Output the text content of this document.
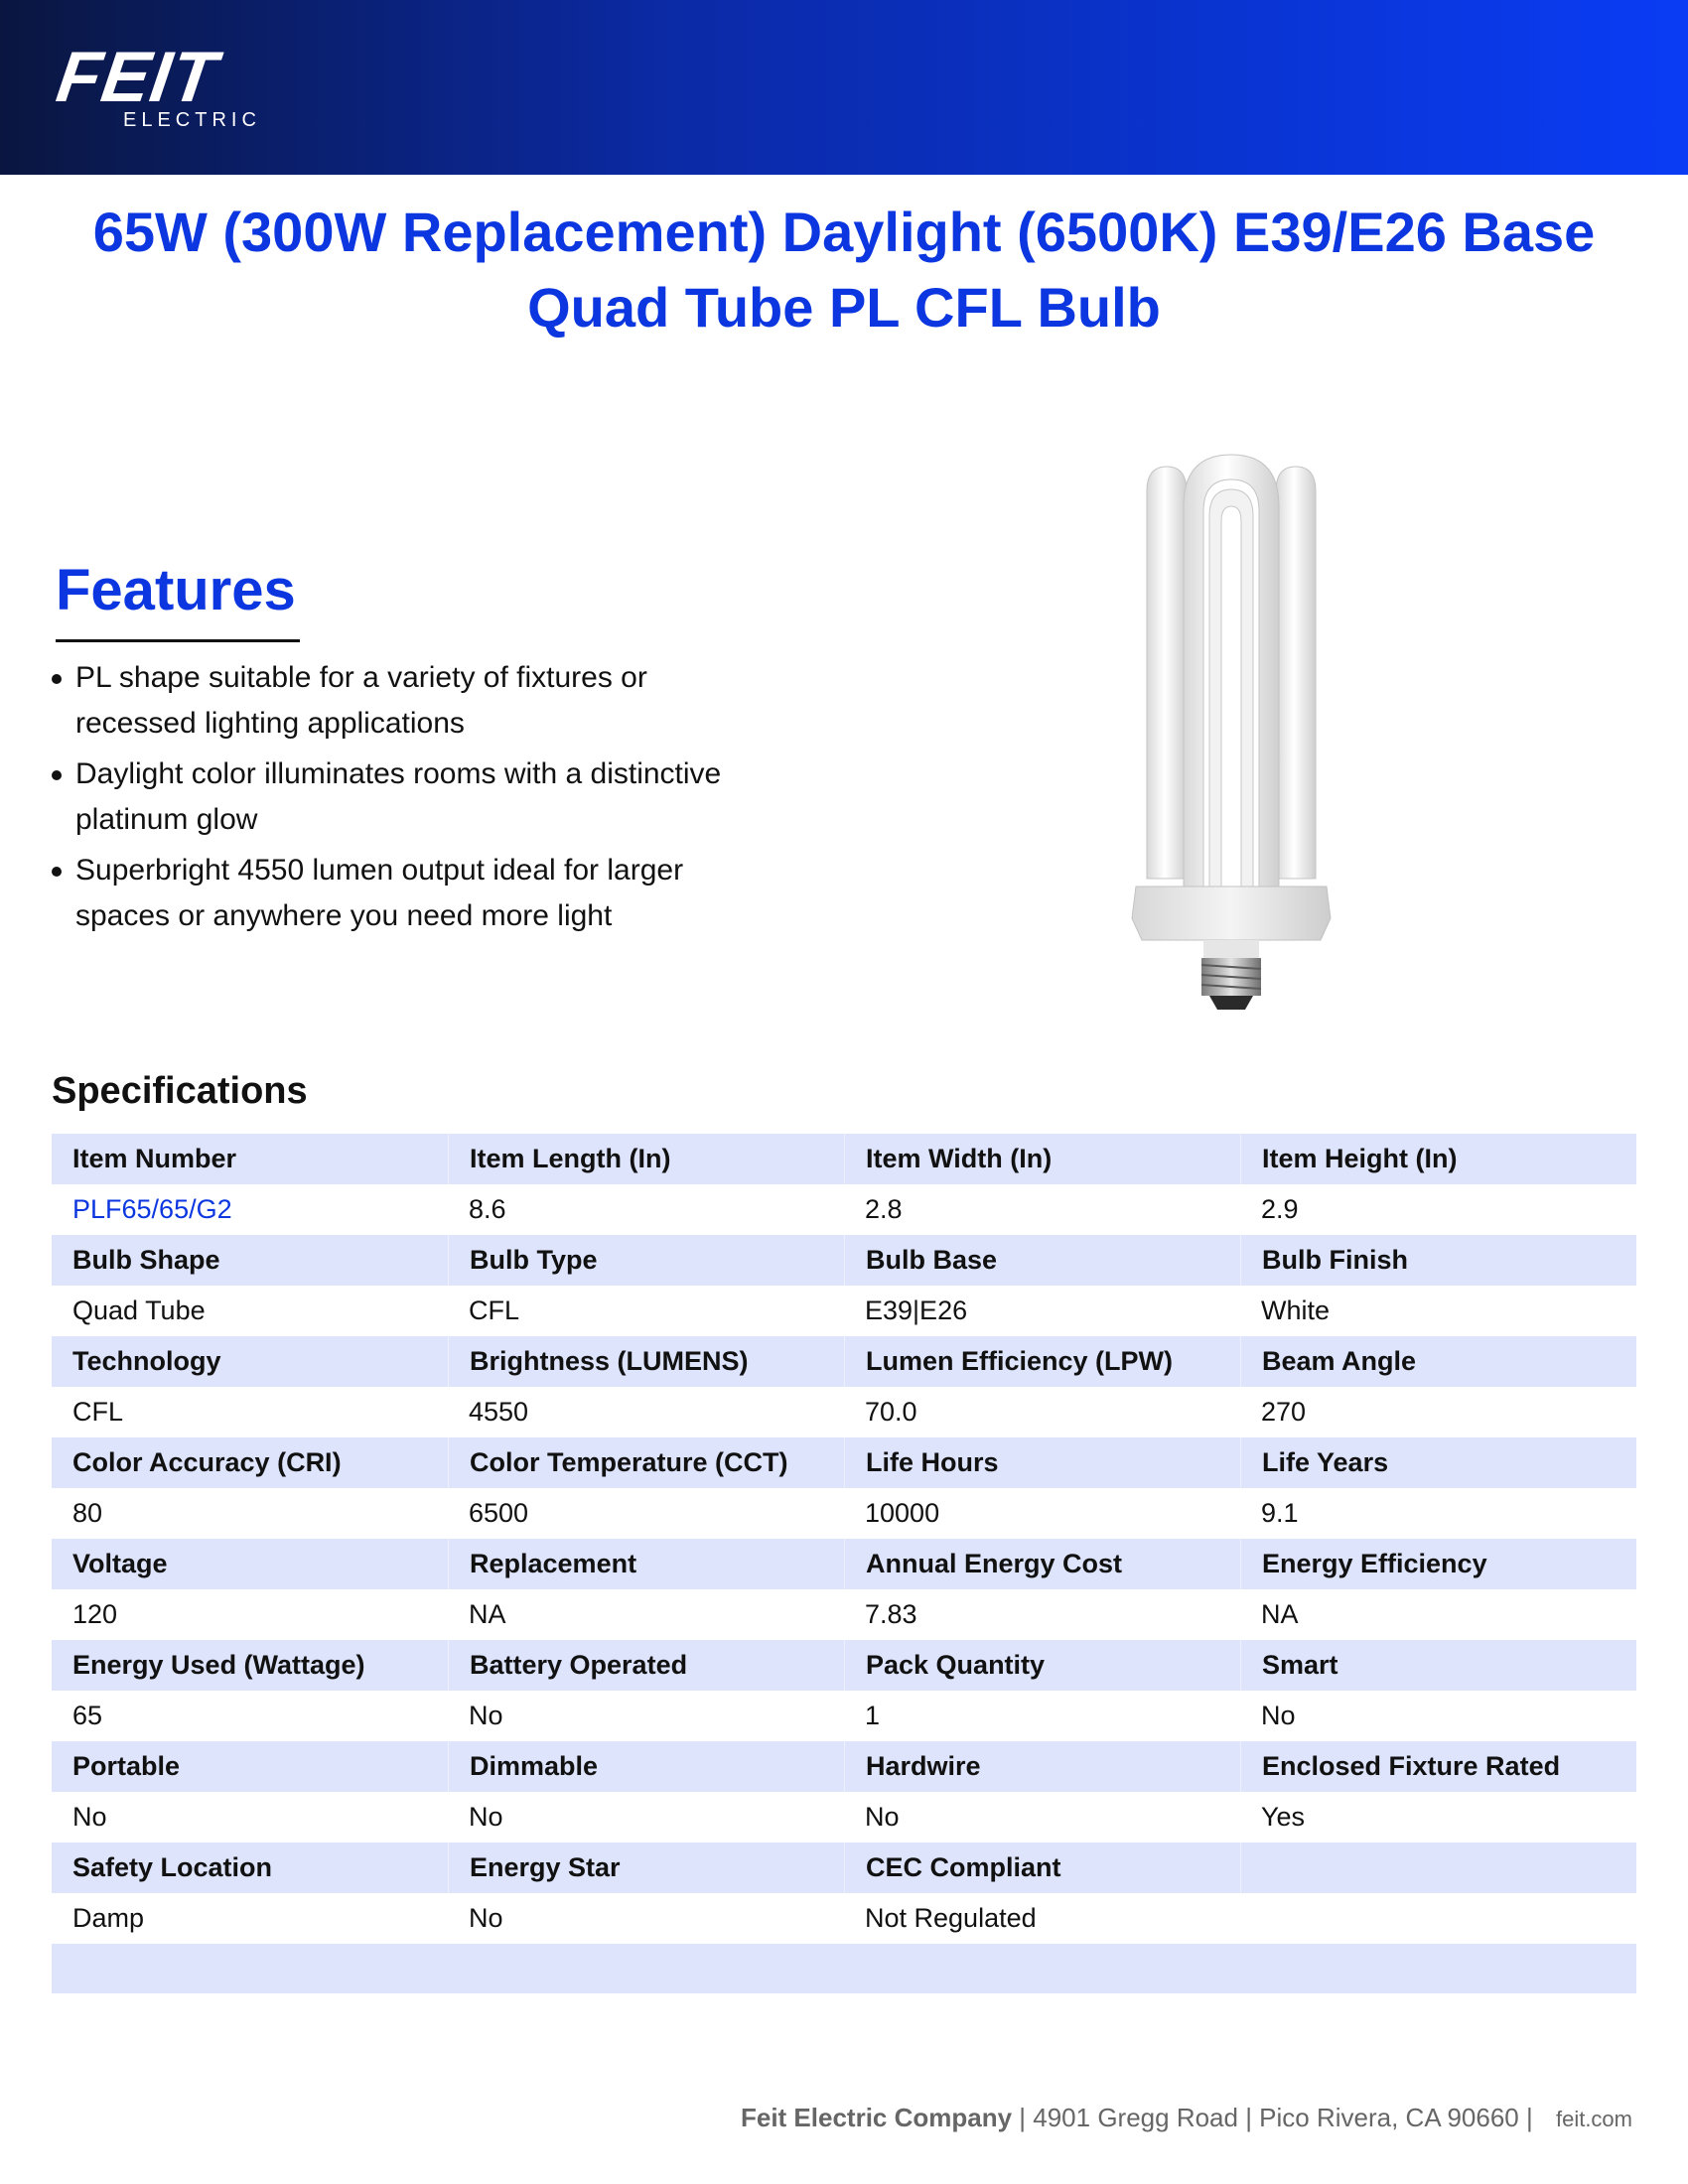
FEIT
ELECTRIC
65W (300W Replacement) Daylight (6500K) E39/E26 Base
Quad Tube PL CFL Bulb
Features
PL shape suitable for a variety of fixtures or recessed lighting applications
Daylight color illuminates rooms with a distinctive platinum glow
Superbright 4550 lumen output ideal for larger spaces or anywhere you need more light
Specifications
Item Number	Item Length (In)	Item Width (In)	Item Height (In)
PLF65/65/G2	8.6	2.8	2.9
Bulb Shape	Bulb Type	Bulb Base	Bulb Finish
Quad Tube	CFL	E39|E26	White
Technology	Brightness (LUMENS)	Lumen Efficiency (LPW)	Beam Angle
CFL	4550	70.0	270
Color Accuracy (CRI)	Color Temperature (CCT)	Life Hours	Life Years
80	6500	10000	9.1
Voltage	Replacement	Annual Energy Cost	Energy Efficiency
120	NA	7.83	NA
Energy Used (Wattage)	Battery Operated	Pack Quantity	Smart
65	No	1	No
Portable	Dimmable	Hardwire	Enclosed Fixture Rated
No	No	No	Yes
Safety Location	Energy Star	CEC Compliant	
Damp	No	Not Regulated	

Feit Electric Company | 4901 Gregg Road | Pico Rivera, CA 90660 | feit.com
